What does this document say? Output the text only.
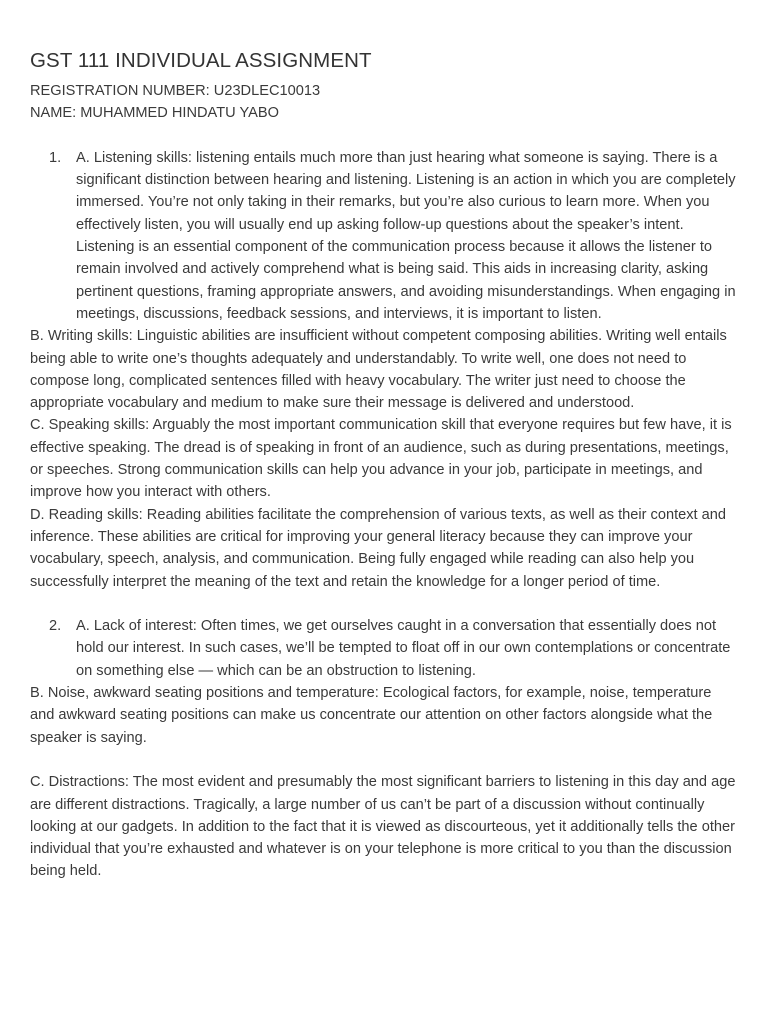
GST 111 INDIVIDUAL ASSIGNMENT

REGISTRATION NUMBER: U23DLEC10013

NAME: MUHAMMED HINDATU YABO

1. A. Listening skills: listening entails much more than just hearing what someone is saying. There is a significant distinction between hearing and listening. Listening is an action in which you are completely immersed. You’re not only taking in their remarks, but you’re also curious to learn more. When you effectively listen, you will usually end up asking follow-up questions about the speaker’s intent. Listening is an essential component of the communication process because it allows the listener to remain involved and actively comprehend what is being said. This aids in increasing clarity, asking pertinent questions, framing appropriate answers, and avoiding misunderstandings. When engaging in meetings, discussions, feedback sessions, and interviews, it is important to listen.

B. Writing skills: Linguistic abilities are insufficient without competent composing abilities. Writing well entails being able to write one’s thoughts adequately and understandably. To write well, one does not need to compose long, complicated sentences filled with heavy vocabulary. The writer just need to choose the appropriate vocabulary and medium to make sure their message is delivered and understood.

C. Speaking skills: Arguably the most important communication skill that everyone requires but few have, it is effective speaking. The dread is of speaking in front of an audience, such as during presentations, meetings, or speeches. Strong communication skills can help you advance in your job, participate in meetings, and improve how you interact with others.

D. Reading skills: Reading abilities facilitate the comprehension of various texts, as well as their context and inference. These abilities are critical for improving your general literacy because they can improve your vocabulary, speech, analysis, and communication. Being fully engaged while reading can also help you successfully interpret the meaning of the text and retain the knowledge for a longer period of time.

2. A. Lack of interest: Often times, we get ourselves caught in a conversation that essentially does not hold our interest. In such cases, we’ll be tempted to float off in our own contemplations or concentrate on something else — which can be an obstruction to listening.

B. Noise, awkward seating positions and temperature: Ecological factors, for example, noise, temperature and awkward seating positions can make us concentrate our attention on other factors alongside what the speaker is saying.

C. Distractions: The most evident and presumably the most significant barriers to listening in this day and age are different distractions. Tragically, a large number of us can’t be part of a discussion without continually looking at our gadgets. In addition to the fact that it is viewed as discourteous, yet it additionally tells the other individual that you’re exhausted and whatever is on your telephone is more critical to you than the discussion being held.
